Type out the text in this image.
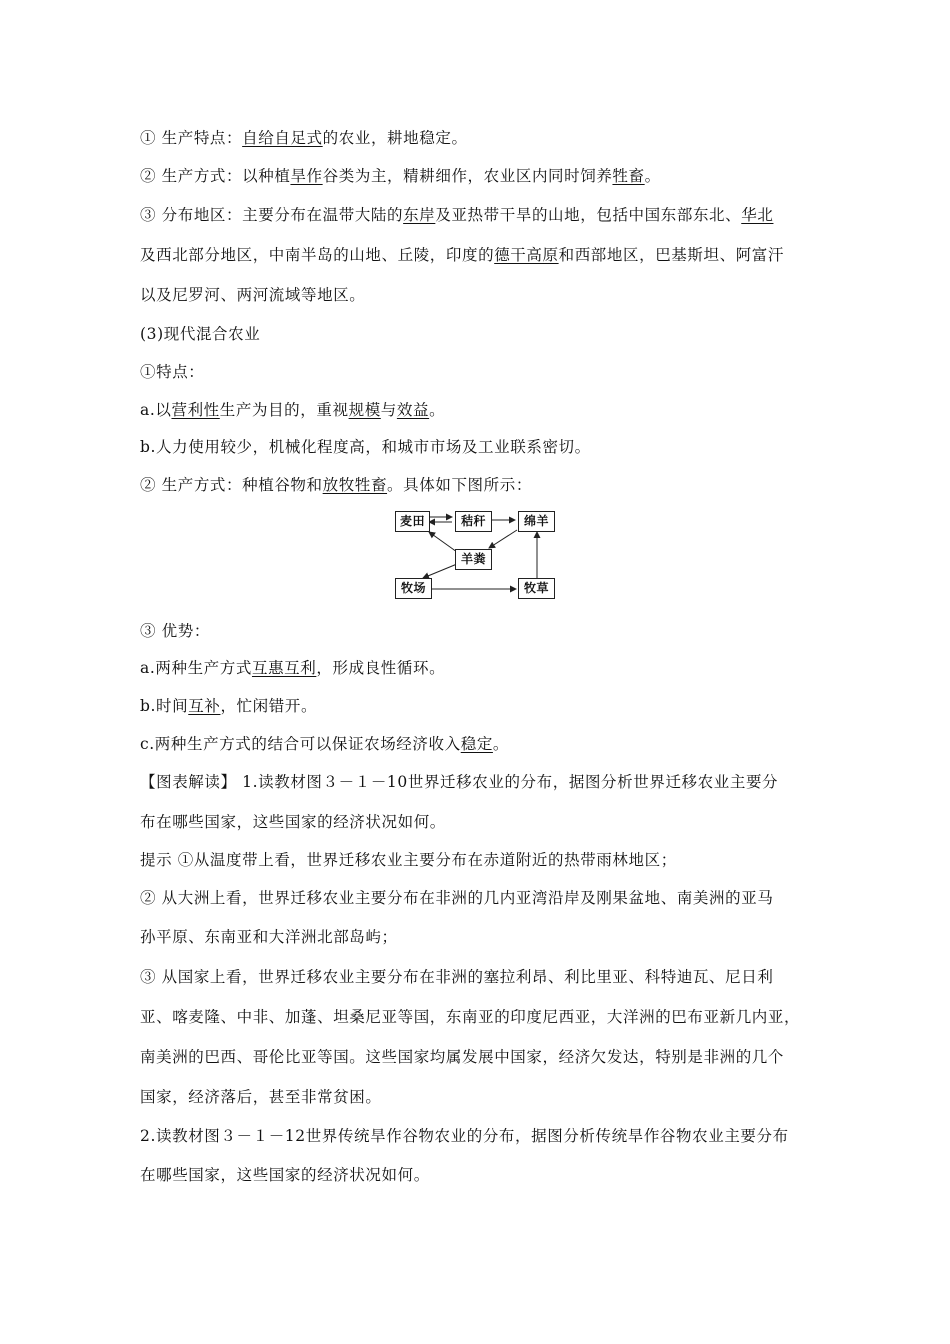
① 生产特点：自给自足式的农业，耕地稳定。
② 生产方式：以种植旱作谷类为主，精耕细作，农业区内同时饲养牲畜。
③ 分布地区：主要分布在温带大陆的东岸及亚热带干旱的山地，包括中国东部东北、华北
及西北部分地区，中南半岛的山地、丘陵，印度的德干高原和西部地区，巴基斯坦、阿富汗
以及尼罗河、两河流域等地区。
(3)现代混合农业
①特点：
a.以营利性生产为目的，重视规模与效益。
b.人力使用较少，机械化程度高，和城市市场及工业联系密切。
② 生产方式：种植谷物和放牧牲畜。具体如下图所示：
麦田	秸秆	绵羊
羊粪
牧场	牧草
③ 优势：
a.两种生产方式互惠互利，形成良性循环。
b.时间互补，忙闲错开。
c.两种生产方式的结合可以保证农场经济收入稳定。
【图表解读】 1.读教材图３－１－10世界迁移农业的分布，据图分析世界迁移农业主要分
布在哪些国家，这些国家的经济状况如何。
提示 ①从温度带上看，世界迁移农业主要分布在赤道附近的热带雨林地区；
② 从大洲上看，世界迁移农业主要分布在非洲的几内亚湾沿岸及刚果盆地、南美洲的亚马
孙平原、东南亚和大洋洲北部岛屿；
③ 从国家上看，世界迁移农业主要分布在非洲的塞拉利昂、利比里亚、科特迪瓦、尼日利
亚、喀麦隆、中非、加蓬、坦桑尼亚等国，东南亚的印度尼西亚，大洋洲的巴布亚新几内亚，
南美洲的巴西、哥伦比亚等国。这些国家均属发展中国家，经济欠发达，特别是非洲的几个
国家，经济落后，甚至非常贫困。
2.读教材图３－１－12世界传统旱作谷物农业的分布，据图分析传统旱作谷物农业主要分布
在哪些国家，这些国家的经济状况如何。
